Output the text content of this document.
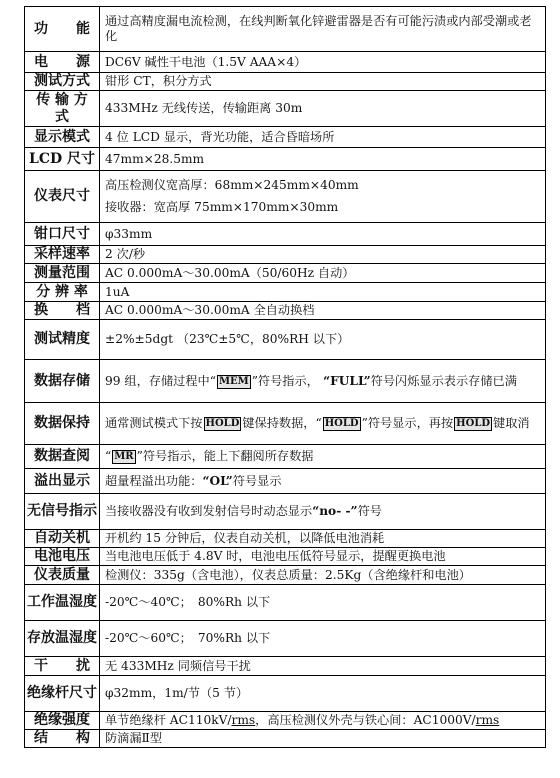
功　　能	通过高精度漏电流检测，在线判断氧化锌避雷器是否有可能污渍或内部受潮或老化
电　　源	DC6V 碱性干电池（1.5V AAA×4）
测试方式	钳形 CT，积分方式
传 输 方 式	433MHz 无线传送，传输距离 30m
显示模式	4 位 LCD 显示，背光功能，适合昏暗场所
LCD 尺寸	47mm×28.5mm
仪表尺寸	高压检测仪宽高厚：68mm×245mm×40mm
接收器：宽高厚 75mm×170mm×30mm

钳口尺寸	φ33mm
采样速率	2 次/秒
测量范围	AC 0.000mA～30.00mA（50/60Hz 自动）
分 辨 率	1uA
换　　档	AC 0.000mA～30.00mA 全自动换档
测试精度	±2%±5dgt （23℃±5℃，80%RH 以下）
数据存储	99 组，存储过程中“ MEM ”符号指示， “FULL”符号闪烁显示表示存储已满
数据保持	通常测试模式下按 HOLD 键保持数据，“ HOLD ”符号显示，再按 HOLD 键取消
数据查阅	“ MR ”符号指示，能上下翻阅所存数据
溢出显示	超量程溢出功能：“OL”符号显示
无信号指示	当接收器没有收到发射信号时动态显示“no- -”符号
自动关机	开机约 15 分钟后，仪表自动关机，以降低电池消耗
电池电压	当电池电压低于 4.8V 时，电池电压低符号显示，提醒更换电池
仪表质量	检测仪：335g（含电池），仪表总质量：2.5Kg（含绝缘杆和电池）
工作温湿度	-20℃～40℃；　80%Rh 以下
存放温湿度	-20℃～60℃；　70%Rh 以下
干　　扰	无 433MHz 同频信号干扰
绝缘杆尺寸	φ32mm，1m/节（5 节）
绝缘强度	单节绝缘杆 AC110kV/rms，高压检测仪外壳与铁心间：AC1000V/rms
结　　构	防滴漏Ⅱ型
